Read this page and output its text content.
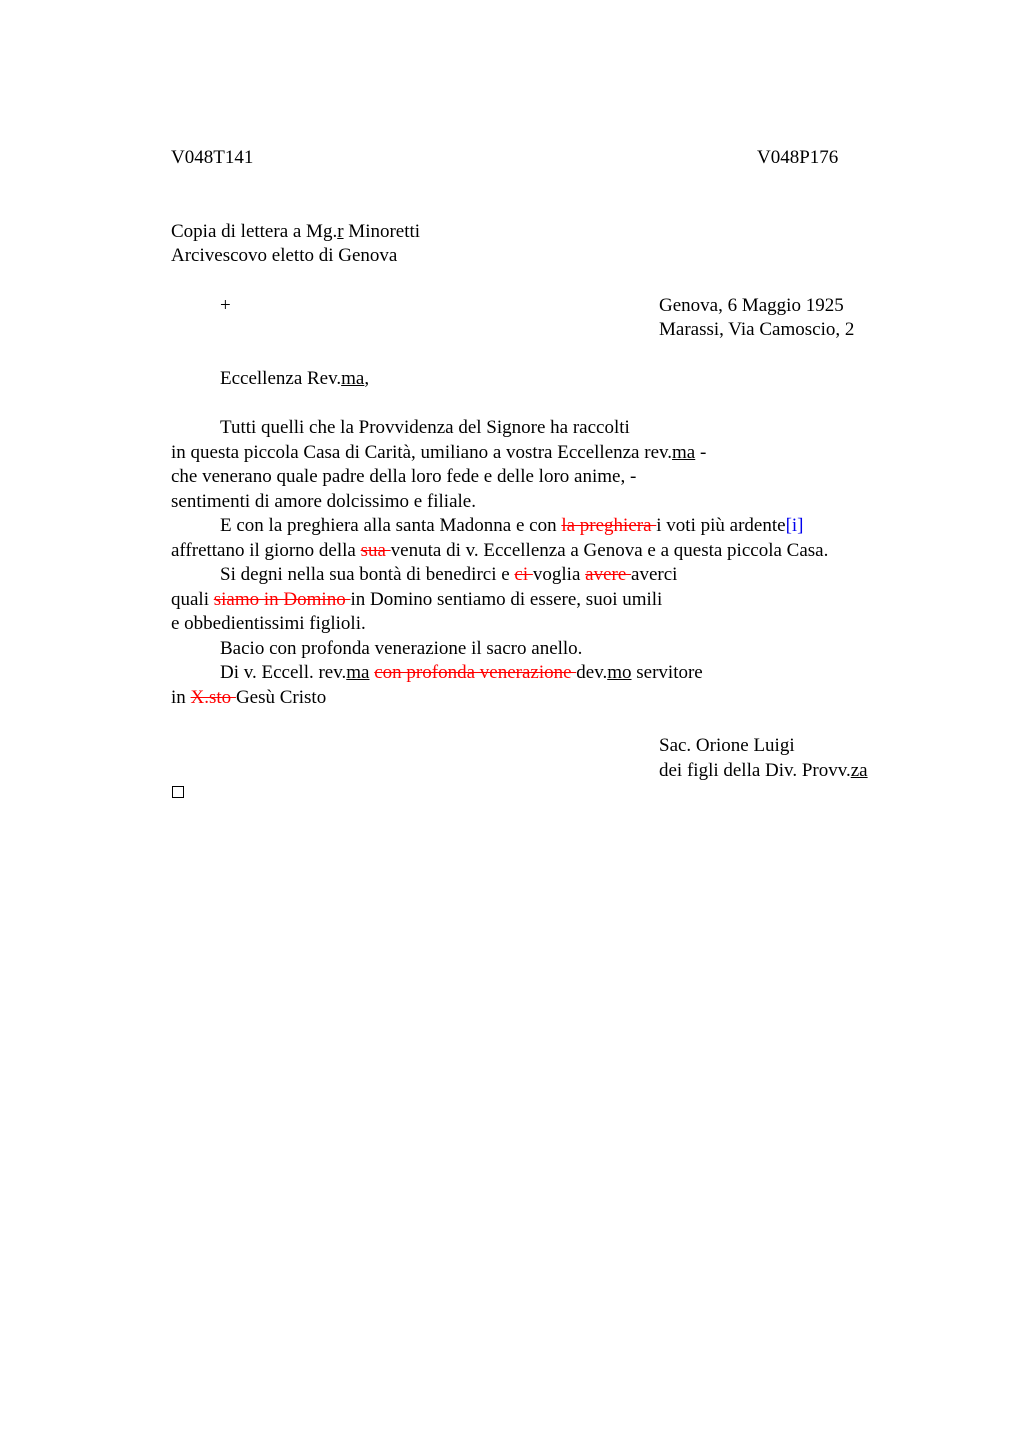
V048T141	V048P176
Copia di lettera a Mg.r Minoretti
Arcivescovo eletto di Genova
+	Genova, 6 Maggio 1925
Marassi, Via Camoscio, 2
Eccellenza Rev.ma,
Tutti quelli che la Provvidenza del Signore ha raccolti
in questa piccola Casa di Carità, umiliano a vostra Eccellenza rev.ma -
che venerano quale padre della loro fede e delle loro anime, -
sentimenti di amore dolcissimo e filiale.
E con la preghiera alla santa Madonna e con la preghiera i voti più ardente[i]
affrettano il giorno della sua venuta di v. Eccellenza a Genova e a questa piccola Casa.
Si degni nella sua bontà di benedirci e ci voglia avere averci
quali siamo in Domino in Domino sentiamo di essere, suoi umili
e obbedientissimi figlioli.
Bacio con profonda venerazione il sacro anello.
Di v. Eccell. rev.ma con profonda venerazione dev.mo servitore
in X.sto Gesù Cristo
Sac. Orione Luigi
dei figli della Div. Provv.za
